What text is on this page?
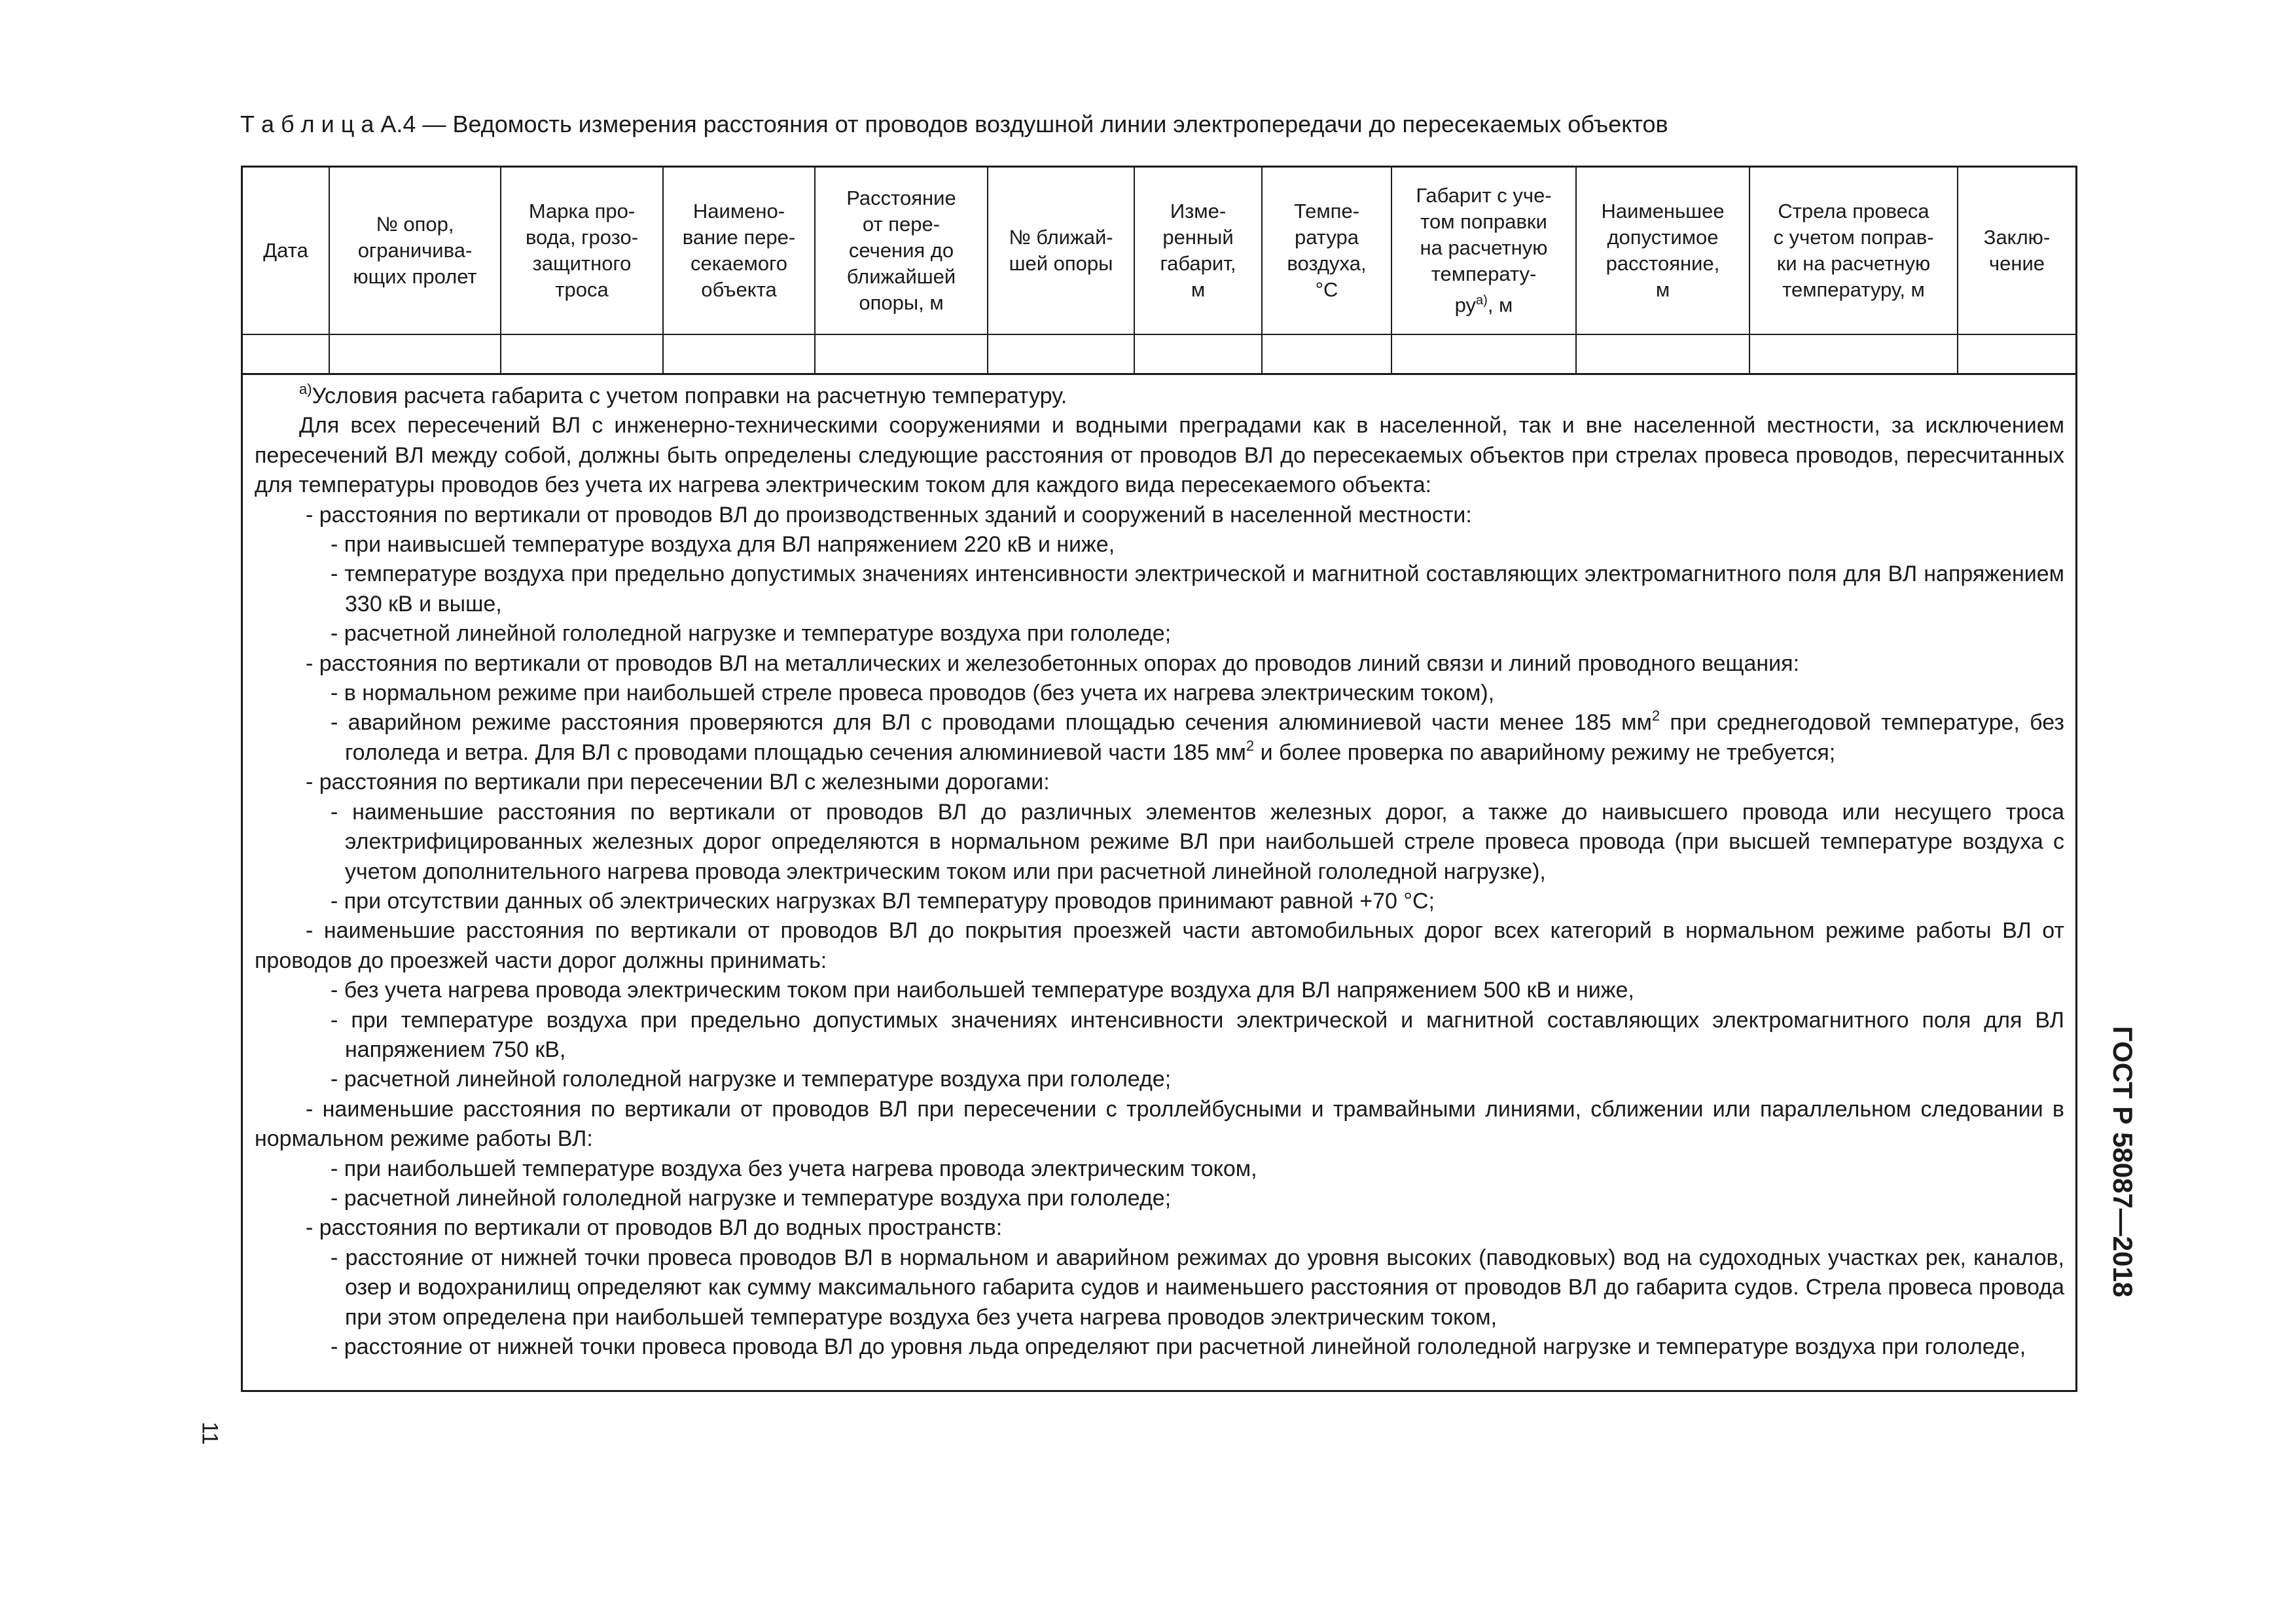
Т а б л и ц а А.4 — Ведомость измерения расстояния от проводов воздушной линии электропередачи до пересекаемых объектов
Дата	№ опор,
ограничива-
ющих пролет	Марка про-
вода, грозо-
защитного
троса	Наимено-
вание пере-
секаемого
объекта	Расстояние
от пере-
сечения до
ближайшей
опоры, м	№ ближай-
шей опоры	Изме-
ренный
габарит,
м	Темпе-
ратура
воздуха,
°С	Габарит с уче-
том поправки
на расчетную
температу-
$ру^{а)}$, м	Наименьшее
допустимое
расстояние,
м	Стрела провеса
с учетом поправ-
ки на расчетную
температуру, м	Заклю-
чение

$^{а)}$Условия расчета габарита с учетом поправки на расчетную температуру.

Для всех пересечений ВЛ с инженерно-техническими сооружениями и водными преградами как в населенной, так и вне населенной местности, за исключением пересечений ВЛ между собой, должны быть определены следующие расстояния от проводов ВЛ до пересекаемых объектов при стрелах провеса проводов, пересчитанных для температуры проводов без учета их нагрева электрическим током для каждого вида пересекаемого объекта:

- расстояния по вертикали от проводов ВЛ до производственных зданий и сооружений в населенной местности:

- при наивысшей температуре воздуха для ВЛ напряжением 220 кВ и ниже,

- температуре воздуха при предельно допустимых значениях интенсивности электрической и магнитной составляющих электромагнитного поля для ВЛ напряжением 330 кВ и выше,

- расчетной линейной гололедной нагрузке и температуре воздуха при гололеде;

- расстояния по вертикали от проводов ВЛ на металлических и железобетонных опорах до проводов линий связи и линий проводного вещания:

- в нормальном режиме при наибольшей стреле провеса проводов (без учета их нагрева электрическим током),

- аварийном режиме расстояния проверяются для ВЛ с проводами площадью сечения алюминиевой части менее 185 $мм^2$ при среднегодовой температуре, без гололеда и ветра. Для ВЛ с проводами площадью сечения алюминиевой части 185 $мм^2$ и более проверка по аварийному режиму не требуется;

- расстояния по вертикали при пересечении ВЛ с железными дорогами:

- наименьшие расстояния по вертикали от проводов ВЛ до различных элементов железных дорог, а также до наивысшего провода или несущего троса электрифицированных железных дорог определяются в нормальном режиме ВЛ при наибольшей стреле провеса провода (при высшей температуре воздуха с учетом дополнительного нагрева провода электрическим током или при расчетной линейной гололедной нагрузке),

- при отсутствии данных об электрических нагрузках ВЛ температуру проводов принимают равной +70 °С;

- наименьшие расстояния по вертикали от проводов ВЛ до покрытия проезжей части автомобильных дорог всех категорий в нормальном режиме работы ВЛ от проводов до проезжей части дорог должны принимать:

- без учета нагрева провода электрическим током при наибольшей температуре воздуха для ВЛ напряжением 500 кВ и ниже,

- при температуре воздуха при предельно допустимых значениях интенсивности электрической и магнитной составляющих электромагнитного поля для ВЛ напряжением 750 кВ,

- расчетной линейной гололедной нагрузке и температуре воздуха при гололеде;

- наименьшие расстояния по вертикали от проводов ВЛ при пересечении с троллейбусными и трамвайными линиями, сближении или параллельном следовании в нормальном режиме работы ВЛ:

- при наибольшей температуре воздуха без учета нагрева провода электрическим током,

- расчетной линейной гололедной нагрузке и температуре воздуха при гололеде;

- расстояния по вертикали от проводов ВЛ до водных пространств:

- расстояние от нижней точки провеса проводов ВЛ в нормальном и аварийном режимах до уровня высоких (паводковых) вод на судоходных участках рек, каналов, озер и водохранилищ определяют как сумму максимального габарита судов и наименьшего расстояния от проводов ВЛ до габарита судов. Стрела провеса провода при этом определена при наибольшей температуре воздуха без учета нагрева проводов электрическим током,

- расстояние от нижней точки провеса провода ВЛ до уровня льда определяют при расчетной линейной гололедной нагрузке и температуре воздуха при гололеде,

ГОСТ Р 58087—2018
11
